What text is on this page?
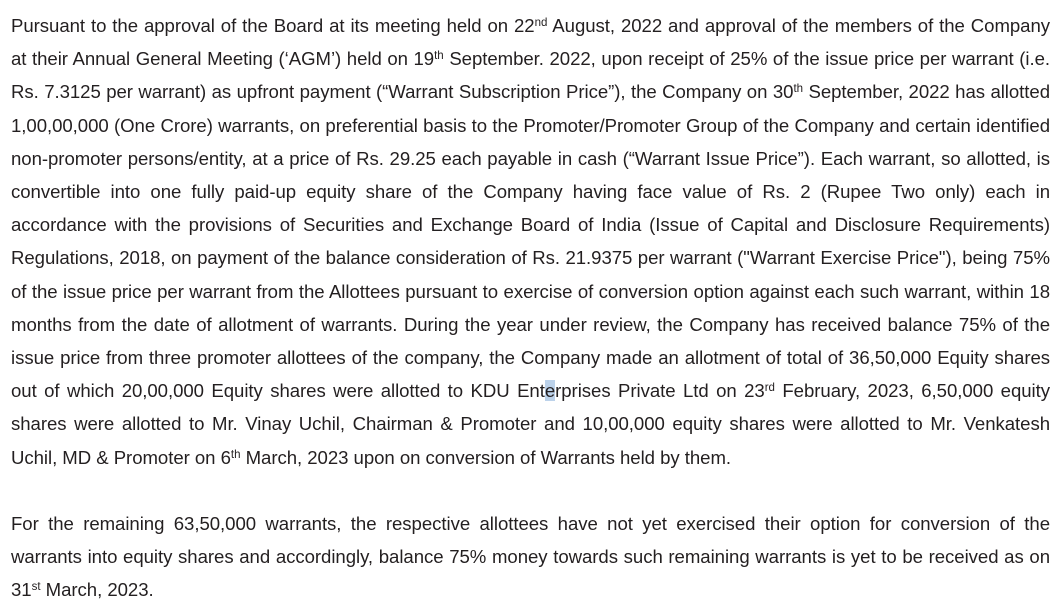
Pursuant to the approval of the Board at its meeting held on 22nd August, 2022 and approval of the members of the Company at their Annual General Meeting (‘AGM’) held on 19th September. 2022, upon receipt of 25% of the issue price per warrant (i.e. Rs. 7.3125 per warrant) as upfront payment (“Warrant Subscription Price”), the Company on 30th September, 2022 has allotted 1,00,00,000 (One Crore) warrants, on preferential basis to the Promoter/Promoter Group of the Company and certain identified non-promoter persons/entity, at a price of Rs. 29.25 each payable in cash (“Warrant Issue Price”). Each warrant, so allotted, is convertible into one fully paid-up equity share of the Company having face value of Rs. 2 (Rupee Two only) each in accordance with the provisions of Securities and Exchange Board of India (Issue of Capital and Disclosure Requirements) Regulations, 2018, on payment of the balance consideration of Rs. 21.9375 per warrant ("Warrant Exercise Price"), being 75% of the issue price per warrant from the Allottees pursuant to exercise of conversion option against each such warrant, within 18 months from the date of allotment of warrants. During the year under review, the Company has received balance 75% of the issue price from three promoter allottees of the company, the Company made an allotment of total of 36,50,000 Equity shares out of which 20,00,000 Equity shares were allotted to KDU Enterprises Private Ltd on 23rd February, 2023, 6,50,000 equity shares were allotted to Mr. Vinay Uchil, Chairman & Promoter and 10,00,000 equity shares were allotted to Mr. Venkatesh Uchil, MD & Promoter on 6th March, 2023 upon on conversion of Warrants held by them.

For the remaining 63,50,000 warrants, the respective allottees have not yet exercised their option for conversion of the warrants into equity shares and accordingly, balance 75% money towards such remaining warrants is yet to be received as on 31st March, 2023.
